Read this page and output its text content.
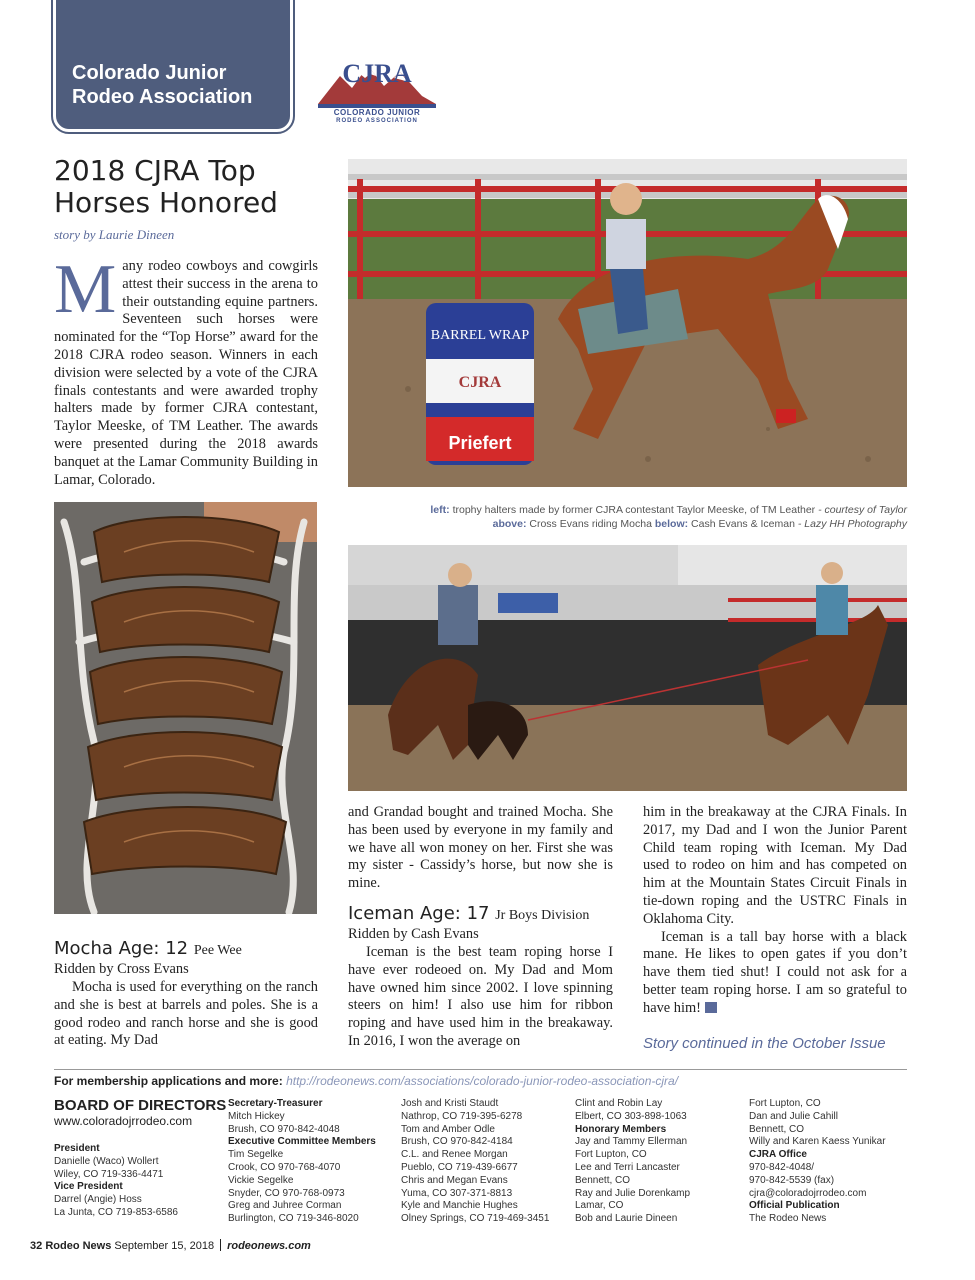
Colorado Junior Rodeo Association
CJRA
COLORADO JUNIOR
RODEO ASSOCIATION
2018 CJRA Top Horses Honored
story by Laurie Dineen
Many rodeo cowboys and cowgirls attest their success in the arena to their outstanding equine partners. Seventeen such horses were nominated for the “Top Horse” award for the 2018 CJRA rodeo season. Winners in each division were selected by a vote of the CJRA finals contestants and were awarded trophy halters made by former CJRA contestant, Taylor Meeske, of TM Leather. The awards were presented during the 2018 awards banquet at the Lamar Community Building in Lamar, Colorado.
BARREL WRAP
CJRA
Priefert
left: trophy halters made by former CJRA contestant Taylor Meeske, of TM Leather - courtesy of Taylor
above: Cross Evans riding Mocha below: Cash Evans & Iceman - Lazy HH Photography
Mocha Age: 12 Pee Wee
Ridden by Cross Evans

Mocha is used for everything on the ranch and she is best at barrels and poles. She is a good rodeo and ranch horse and she is good at eating. My Dad

and Grandad bought and trained Mocha. She has been used by everyone in my family and we have all won money on her. First she was my sister - Cassidy’s horse, but now she is mine.

Iceman Age: 17 Jr Boys Division
Ridden by Cash Evans

Iceman is the best team roping horse I have ever rodeoed on. My Dad and Mom have owned him since 2002. I love spinning steers on him! I also use him for ribbon roping and have used him in the breakaway. In 2016, I won the average on

him in the breakaway at the CJRA Finals. In 2017, my Dad and I won the Junior Parent Child team roping with Iceman. My Dad used to rodeo on him and has competed on him at the Mountain States Circuit Finals in tie-down roping and the USTRC Finals in Oklahoma City.

Iceman is a tall bay horse with a black mane. He likes to open gates if you don’t have them tied shut! I could not ask for a better team roping horse. I am so grateful to have him!

Story continued in the October Issue
For membership applications and more: http://rodeonews.com/associations/colorado-junior-rodeo-association-cjra/
BOARD OF DIRECTORS
www.coloradojrrodeo.com
President
Danielle (Waco) Wollert
Wiley, CO 719-336-4471
Vice President
Darrel (Angie) Hoss
La Junta, CO 719-853-6586
Secretary-Treasurer
Mitch Hickey
Brush, CO 970-842-4048
Executive Committee Members
Tim Segelke
Crook, CO 970-768-4070
Vickie Segelke
Snyder, CO 970-768-0973
Greg and Juhree Corman
Burlington, CO 719-346-8020
Josh and Kristi Staudt
Nathrop, CO 719-395-6278
Tom and Amber Odle
Brush, CO 970-842-4184
C.L. and Renee Morgan
Pueblo, CO 719-439-6677
Chris and Megan Evans
Yuma, CO 307-371-8813
Kyle and Manchie Hughes
Olney Springs, CO 719-469-3451
Clint and Robin Lay
Elbert, CO 303-898-1063
Honorary Members
Jay and Tammy Ellerman
Fort Lupton, CO
Lee and Terri Lancaster
Bennett, CO
Ray and Julie Dorenkamp
Lamar, CO
Bob and Laurie Dineen
Fort Lupton, CO
Dan and Julie Cahill
Bennett, CO
Willy and Karen Kaess Yunikar
CJRA Office
970-842-4048/
970-842-5539 (fax)
cjra@coloradojrrodeo.com
Official Publication
The Rodeo News
32 Rodeo News September 15, 2018 rodeonews.com
